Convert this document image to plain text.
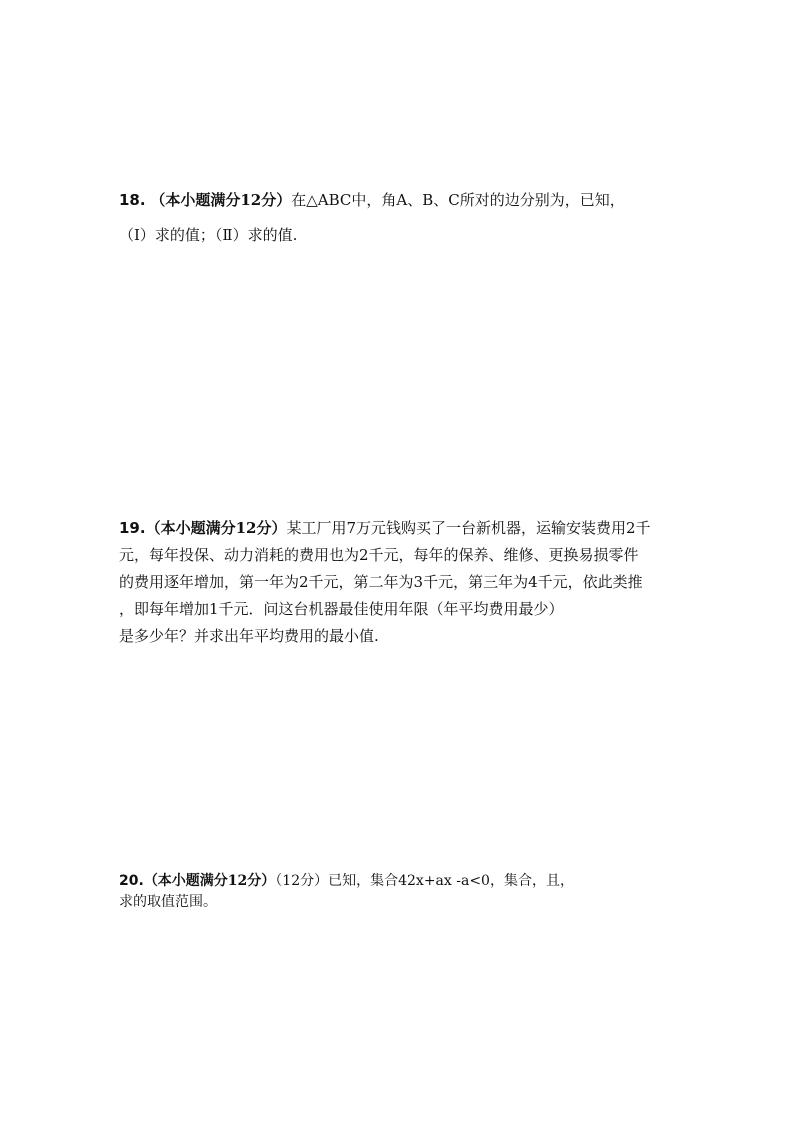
18. （本小题满分12分）在△ABC中，角A、B、C所对的边分别为，已知，
（Ⅰ）求的值；（Ⅱ）求的值.
19.（本小题满分12分）某工厂用7万元钱购买了一台新机器，运输安装费用2千
元，每年投保、动力消耗的费用也为2千元，每年的保养、维修、更换易损零件
的费用逐年增加，第一年为2千元，第二年为3千元，第三年为4千元，依此类推
，即每年增加1千元．问这台机器最佳使用年限（年平均费用最少）
是多少年？并求出年平均费用的最小值.
20.（本小题满分12分）（12分）已知，集合42x+ax -a<0，集合，且，
求的取值范围。
